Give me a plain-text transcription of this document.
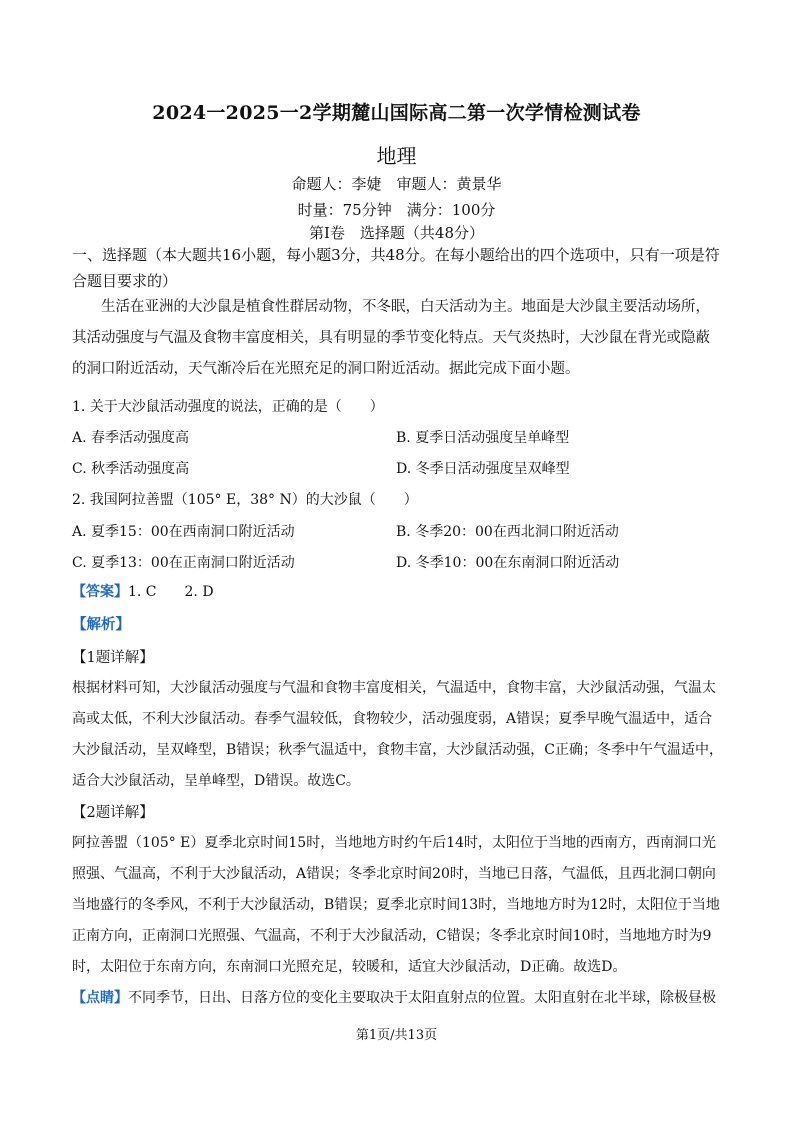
2024一2025一2学期麓山国际高二第一次学情检测试卷
地理
命题人：李婕　审题人：黄景华
时量：75分钟　满分：100分
第I卷　选择题（共48分）
一、选择题（本大题共16小题，每小题3分，共48分。在每小题给出的四个选项中，只有一项是符合题目要求的）
生活在亚洲的大沙鼠是植食性群居动物，不冬眠，白天活动为主。地面是大沙鼠主要活动场所，其活动强度与气温及食物丰富度相关，具有明显的季节变化特点。天气炎热时，大沙鼠在背光或隐蔽的洞口附近活动，天气渐冷后在光照充足的洞口附近活动。据此完成下面小题。
1. 关于大沙鼠活动强度的说法，正确的是（　　）
A. 春季活动强度高	B. 夏季日活动强度呈单峰型
C. 秋季活动强度高	D. 冬季日活动强度呈双峰型
2. 我国阿拉善盟（105° E，38° N）的大沙鼠（　　）
A. 夏季15：00在西南洞口附近活动	B. 冬季20：00在西北洞口附近活动
C. 夏季13：00在正南洞口附近活动	D. 冬季10：00在东南洞口附近活动
【答案】1. C　　2. D
【解析】
【1题详解】
根据材料可知，大沙鼠活动强度与气温和食物丰富度相关，气温适中，食物丰富，大沙鼠活动强，气温太高或太低，不利大沙鼠活动。春季气温较低，食物较少，活动强度弱，A错误；夏季早晚气温适中，适合大沙鼠活动，呈双峰型，B错误；秋季气温适中，食物丰富，大沙鼠活动强，C正确；冬季中午气温适中，适合大沙鼠活动，呈单峰型，D错误。故选C。
【2题详解】
阿拉善盟（105° E）夏季北京时间15时，当地地方时约午后14时，太阳位于当地的西南方，西南洞口光照强、气温高，不利于大沙鼠活动，A错误；冬季北京时间20时，当地已日落，气温低，且西北洞口朝向当地盛行的冬季风，不利于大沙鼠活动，B错误；夏季北京时间13时，当地地方时为12时，太阳位于当地正南方向，正南洞口光照强、气温高，不利于大沙鼠活动，C错误；冬季北京时间10时，当地地方时为9时，太阳位于东南方向，东南洞口光照充足，较暖和，适宜大沙鼠活动，D正确。故选D。
【点睛】不同季节，日出、日落方位的变化主要取决于太阳直射点的位置。太阳直射在北半球，除极昼极
第1页/共13页
